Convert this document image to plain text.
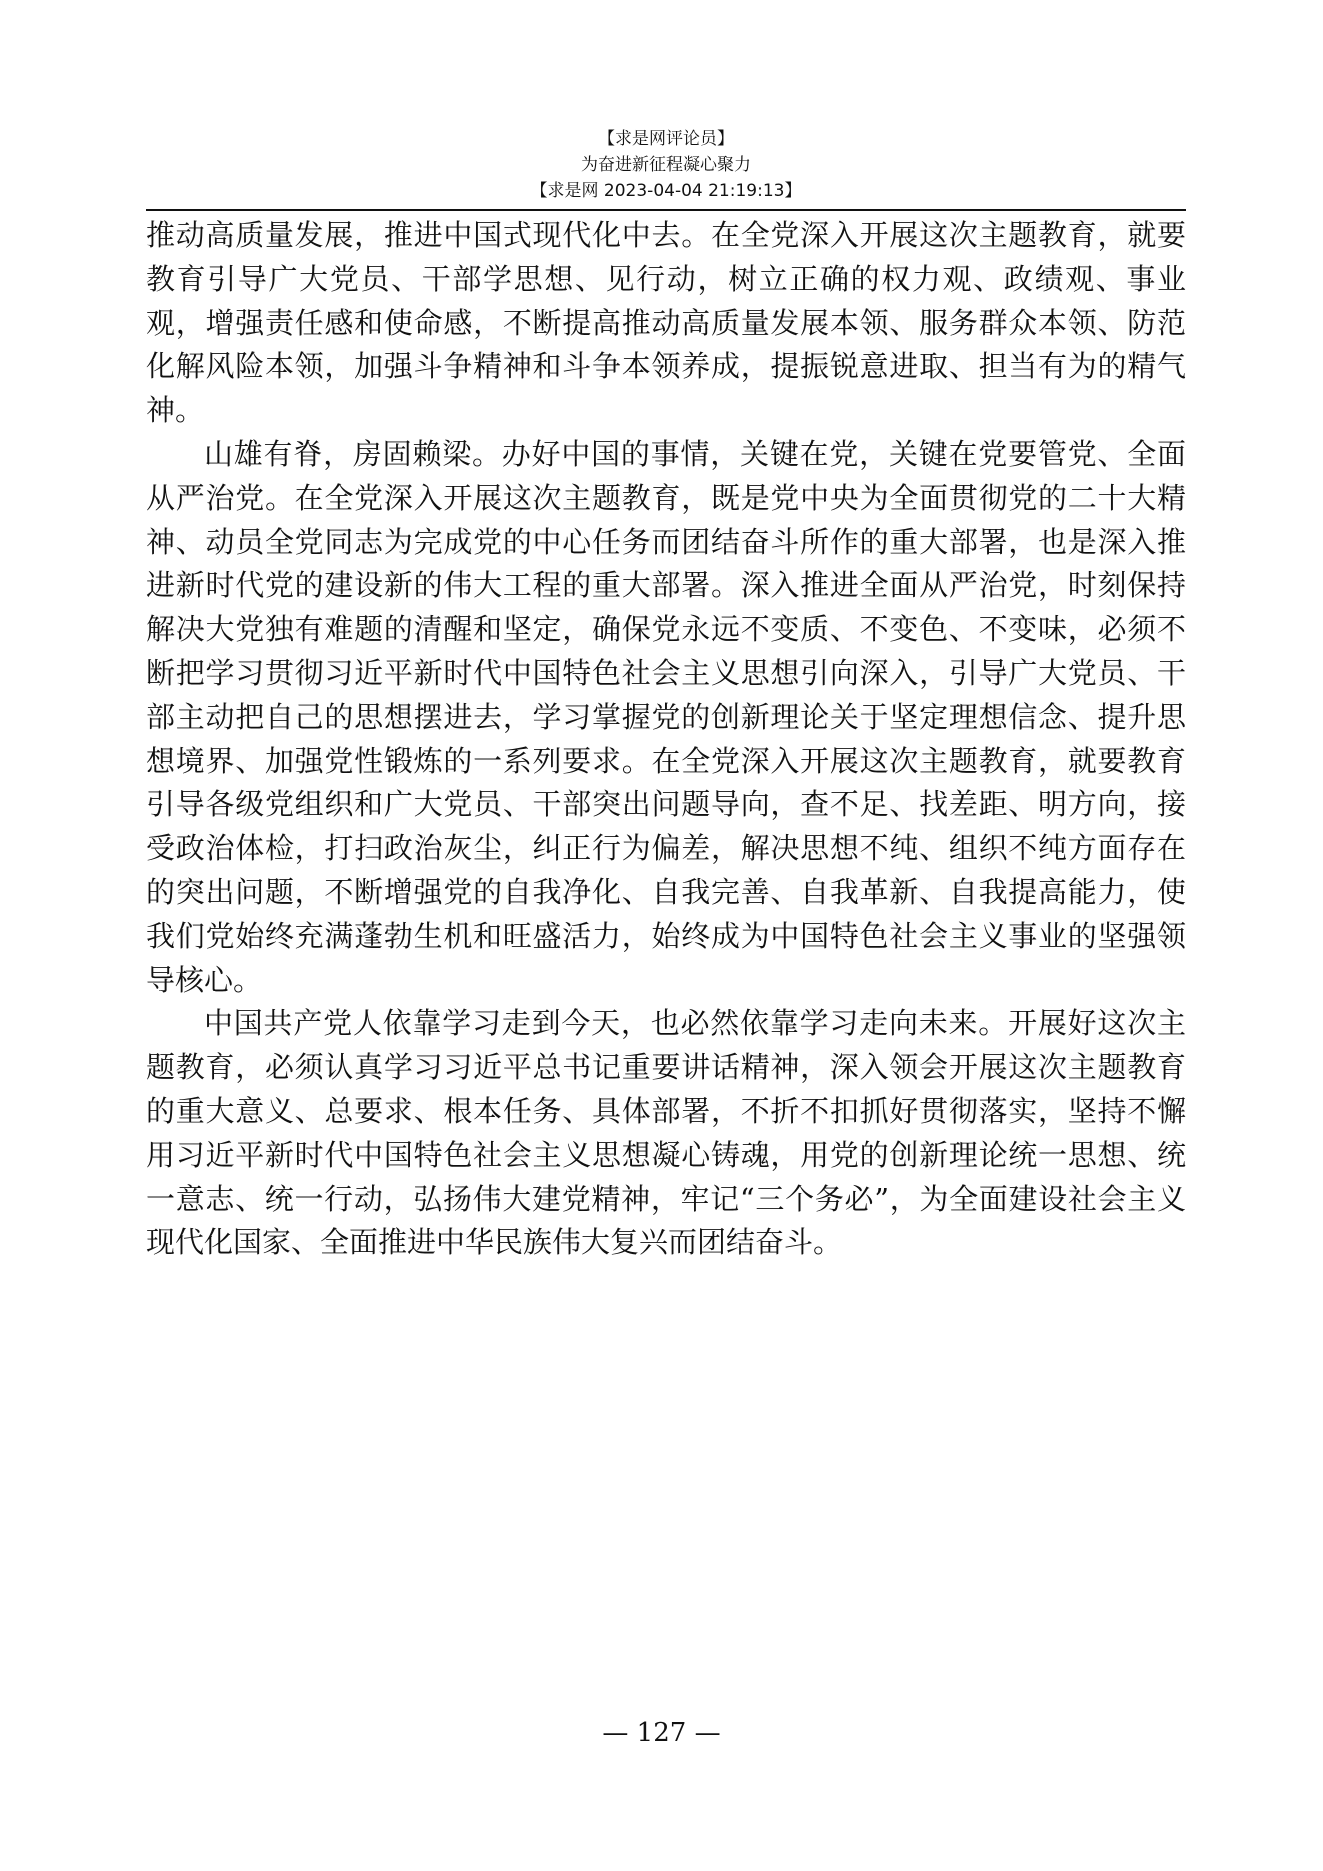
【求是网评论员】
为奋进新征程凝心聚力
【求是网 2023-04-04 21:19:13】

推动高质量发展，推进中国式现代化中去。在全党深入开展这次主题教育，就要教育引导广大党员、干部学思想、见行动，树立正确的权力观、政绩观、事业观，增强责任感和使命感，不断提高推动高质量发展本领、服务群众本领、防范化解风险本领，加强斗争精神和斗争本领养成，提振锐意进取、担当有为的精气神。

山雄有脊，房固赖梁。办好中国的事情，关键在党，关键在党要管党、全面从严治党。在全党深入开展这次主题教育，既是党中央为全面贯彻党的二十大精神、动员全党同志为完成党的中心任务而团结奋斗所作的重大部署，也是深入推进新时代党的建设新的伟大工程的重大部署。深入推进全面从严治党，时刻保持解决大党独有难题的清醒和坚定，确保党永远不变质、不变色、不变味，必须不断把学习贯彻习近平新时代中国特色社会主义思想引向深入，引导广大党员、干部主动把自己的思想摆进去，学习掌握党的创新理论关于坚定理想信念、提升思想境界、加强党性锻炼的一系列要求。在全党深入开展这次主题教育，就要教育引导各级党组织和广大党员、干部突出问题导向，查不足、找差距、明方向，接受政治体检，打扫政治灰尘，纠正行为偏差，解决思想不纯、组织不纯方面存在的突出问题，不断增强党的自我净化、自我完善、自我革新、自我提高能力，使我们党始终充满蓬勃生机和旺盛活力，始终成为中国特色社会主义事业的坚强领导核心。

中国共产党人依靠学习走到今天，也必然依靠学习走向未来。开展好这次主题教育，必须认真学习习近平总书记重要讲话精神，深入领会开展这次主题教育的重大意义、总要求、根本任务、具体部署，不折不扣抓好贯彻落实，坚持不懈用习近平新时代中国特色社会主义思想凝心铸魂，用党的创新理论统一思想、统一意志、统一行动，弘扬伟大建党精神，牢记“三个务必”，为全面建设社会主义现代化国家、全面推进中华民族伟大复兴而团结奋斗。

— 127 —
